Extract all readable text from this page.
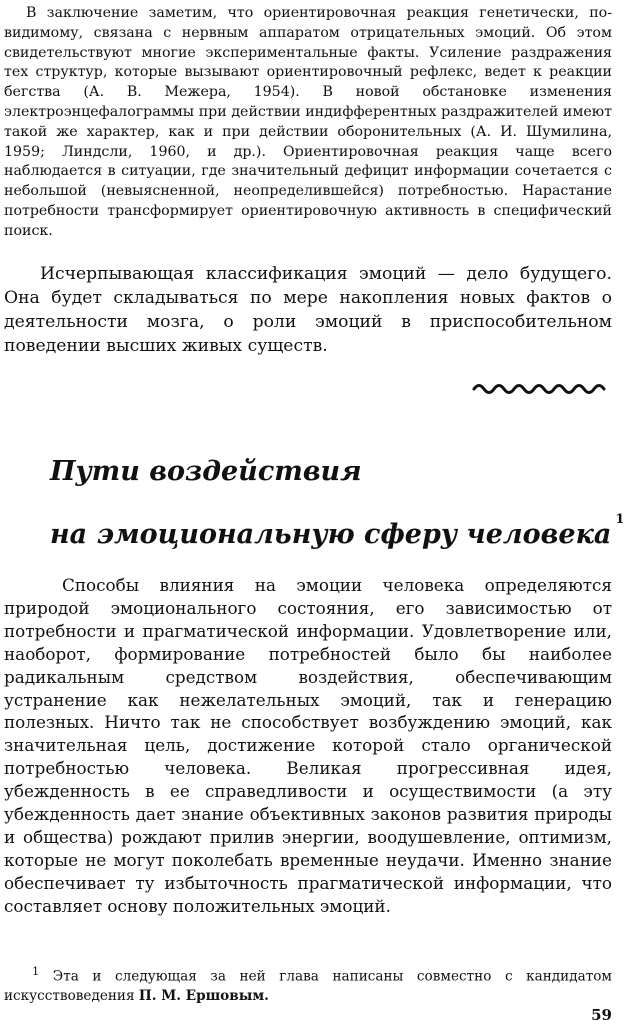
В заключение заметим, что ориентировочная реакция генетически, по-видимому, связана с нервным аппаратом отрицательных эмоций. Об этом свидетельствуют многие экспериментальные факты. Усиление раздражения тех структур, которые вызывают ориентировочный рефлекс, ведет к реакции бегства (А. В. Межера, 1954). В новой обстановке изменения электроэнцефалограммы при действии индифферентных раздражителей имеют такой же характер, как и при действии оборонительных (А. И. Шумилина, 1959; Линдсли, 1960, и др.). Ориентировочная реакция чаще всего наблюдается в ситуации, где значительный дефицит информации сочетается с небольшой (невыясненной, неопределившейся) потребностью. Нарастание потребности трансформирует ориентировочную активность в специфический поиск.

Исчерпывающая классификация эмоций — дело будущего. Она будет складываться по мере накопления новых фактов о деятельности мозга, о роли эмоций в приспособительном поведении высших живых существ.

Пути воздействия
на эмоциональную сферу человека $^1$

Способы влияния на эмоции человека определяются природой эмоционального состояния, его зависимостью от потребности и прагматической информации. Удовлетворение или, наоборот, формирование потребностей было бы наиболее радикальным средством воздействия, обеспечивающим устранение как нежелательных эмоций, так и генерацию полезных. Ничто так не способствует возбуждению эмоций, как значительная цель, достижение которой стало органической потребностью человека. Великая прогрессивная идея, убежденность в ее справедливости и осуществимости (а эту убежденность дает знание объективных законов развития природы и общества) рождают прилив энергии, воодушевление, оптимизм, которые не могут поколебать временные неудачи. Именно знание обеспечивает ту избыточность прагматической информации, что составляет основу положительных эмоций.

$^1$ Эта и следующая за ней глава написаны совместно с кандидатом искусствоведения П. М. Ершовым.

59
